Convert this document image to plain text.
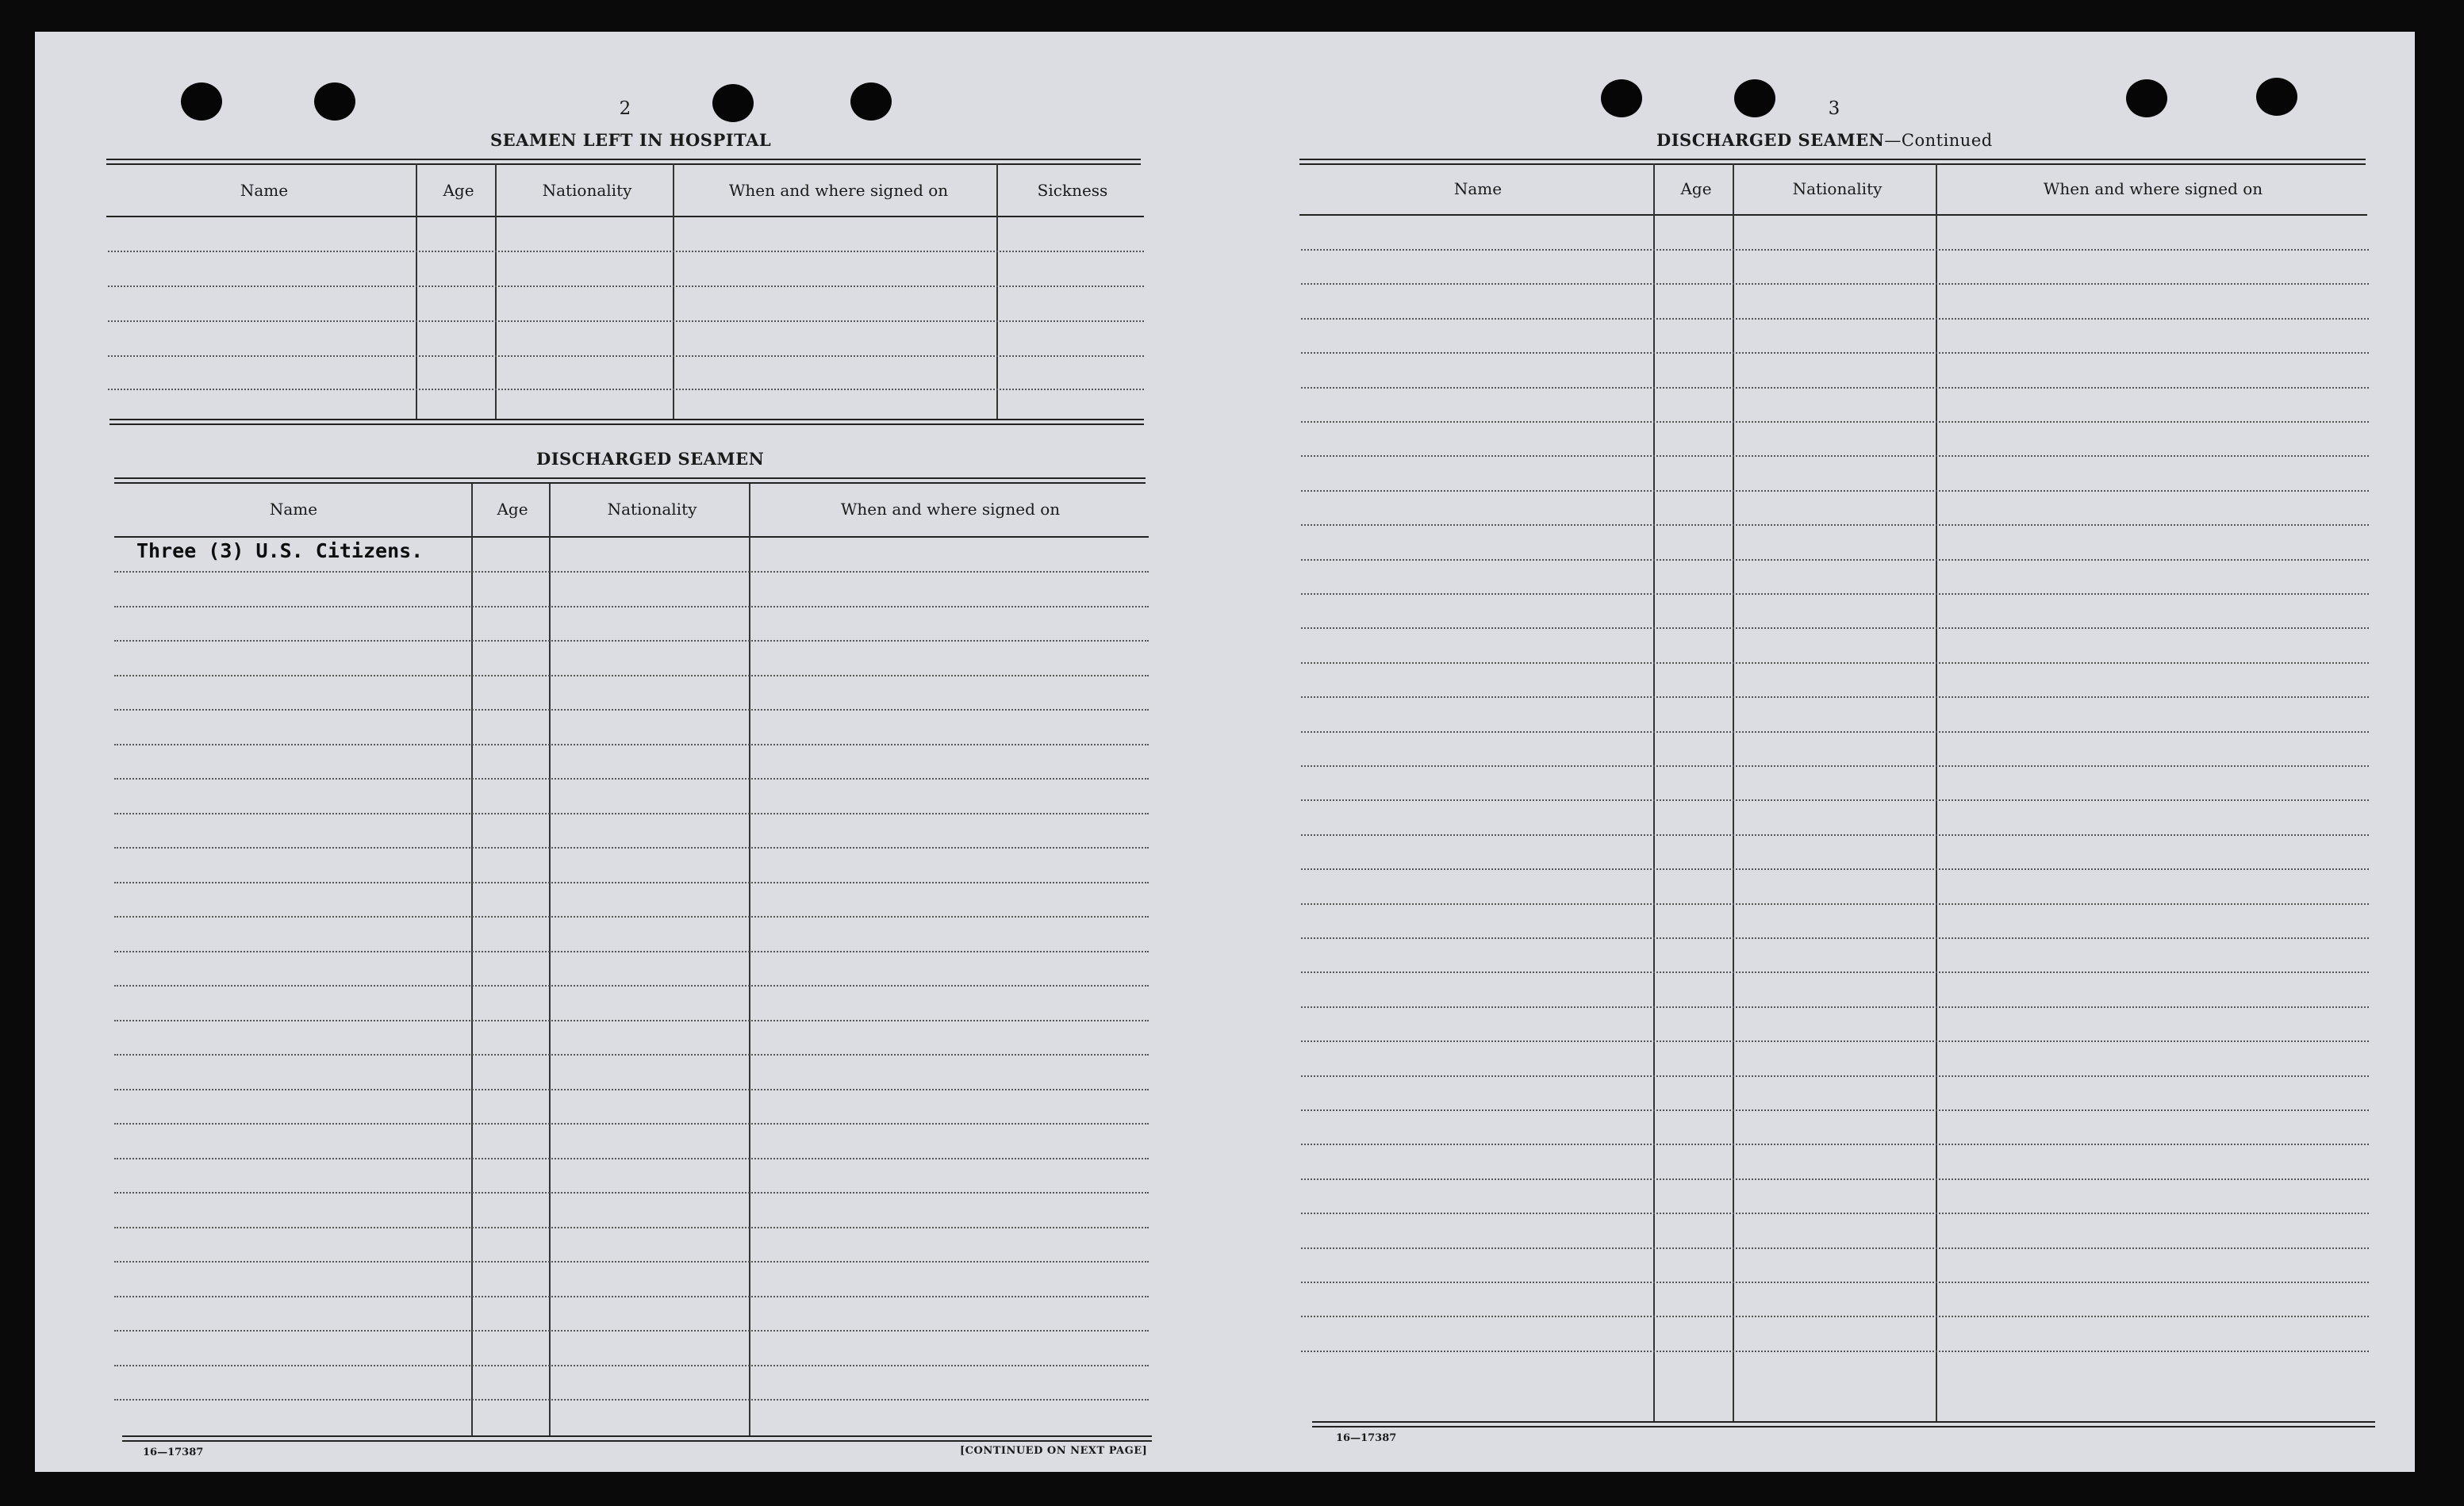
2
SEAMEN LEFT IN HOSPITAL
Name	Age	Nationality	When and where signed on	Sickness
DISCHARGED SEAMEN
Name	Age	Nationality	When and where signed on
Three (3) U.S. Citizens.
16—17387	[CONTINUED ON NEXT PAGE]
3
DISCHARGED SEAMEN—Continued
Name	Age	Nationality	When and where signed on
16—17387
